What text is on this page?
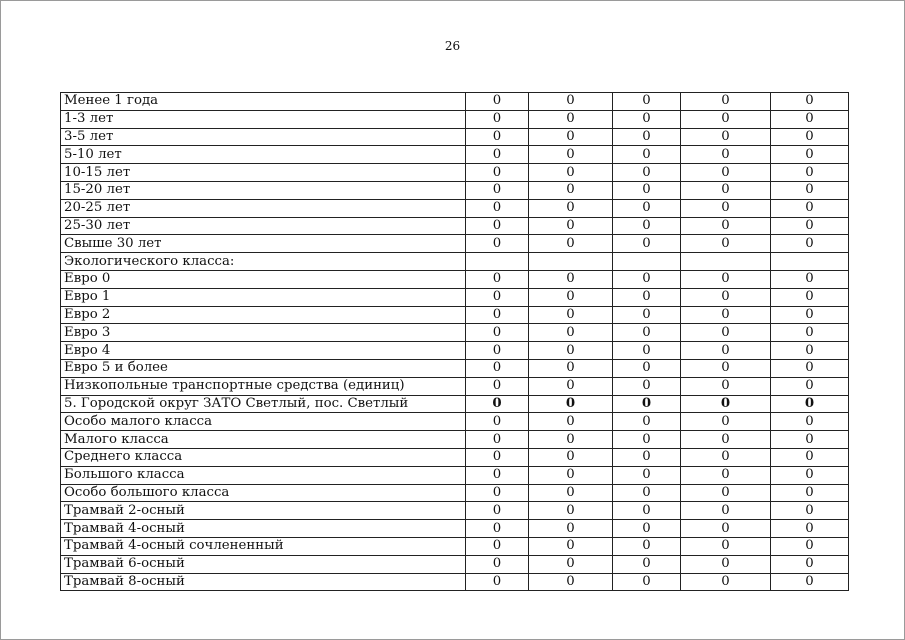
26
Менее 1 года	0	0	0	0	0
1-3 лет	0	0	0	0	0
3-5 лет	0	0	0	0	0
5-10 лет	0	0	0	0	0
10-15 лет	0	0	0	0	0
15-20 лет	0	0	0	0	0
20-25 лет	0	0	0	0	0
25-30 лет	0	0	0	0	0
Свыше 30 лет	0	0	0	0	0
Экологического класса:					
Евро 0	0	0	0	0	0
Евро 1	0	0	0	0	0
Евро 2	0	0	0	0	0
Евро 3	0	0	0	0	0
Евро 4	0	0	0	0	0
Евро 5 и более	0	0	0	0	0
Низкопольные транспортные средства (единиц)	0	0	0	0	0
5. Городской округ ЗАТО Светлый, пос. Светлый	0	0	0	0	0
Особо малого класса	0	0	0	0	0
Малого класса	0	0	0	0	0
Среднего класса	0	0	0	0	0
Большого класса	0	0	0	0	0
Особо большого класса	0	0	0	0	0
Трамвай 2-осный	0	0	0	0	0
Трамвай 4-осный	0	0	0	0	0
Трамвай 4-осный сочлененный	0	0	0	0	0
Трамвай 6-осный	0	0	0	0	0
Трамвай 8-осный	0	0	0	0	0
